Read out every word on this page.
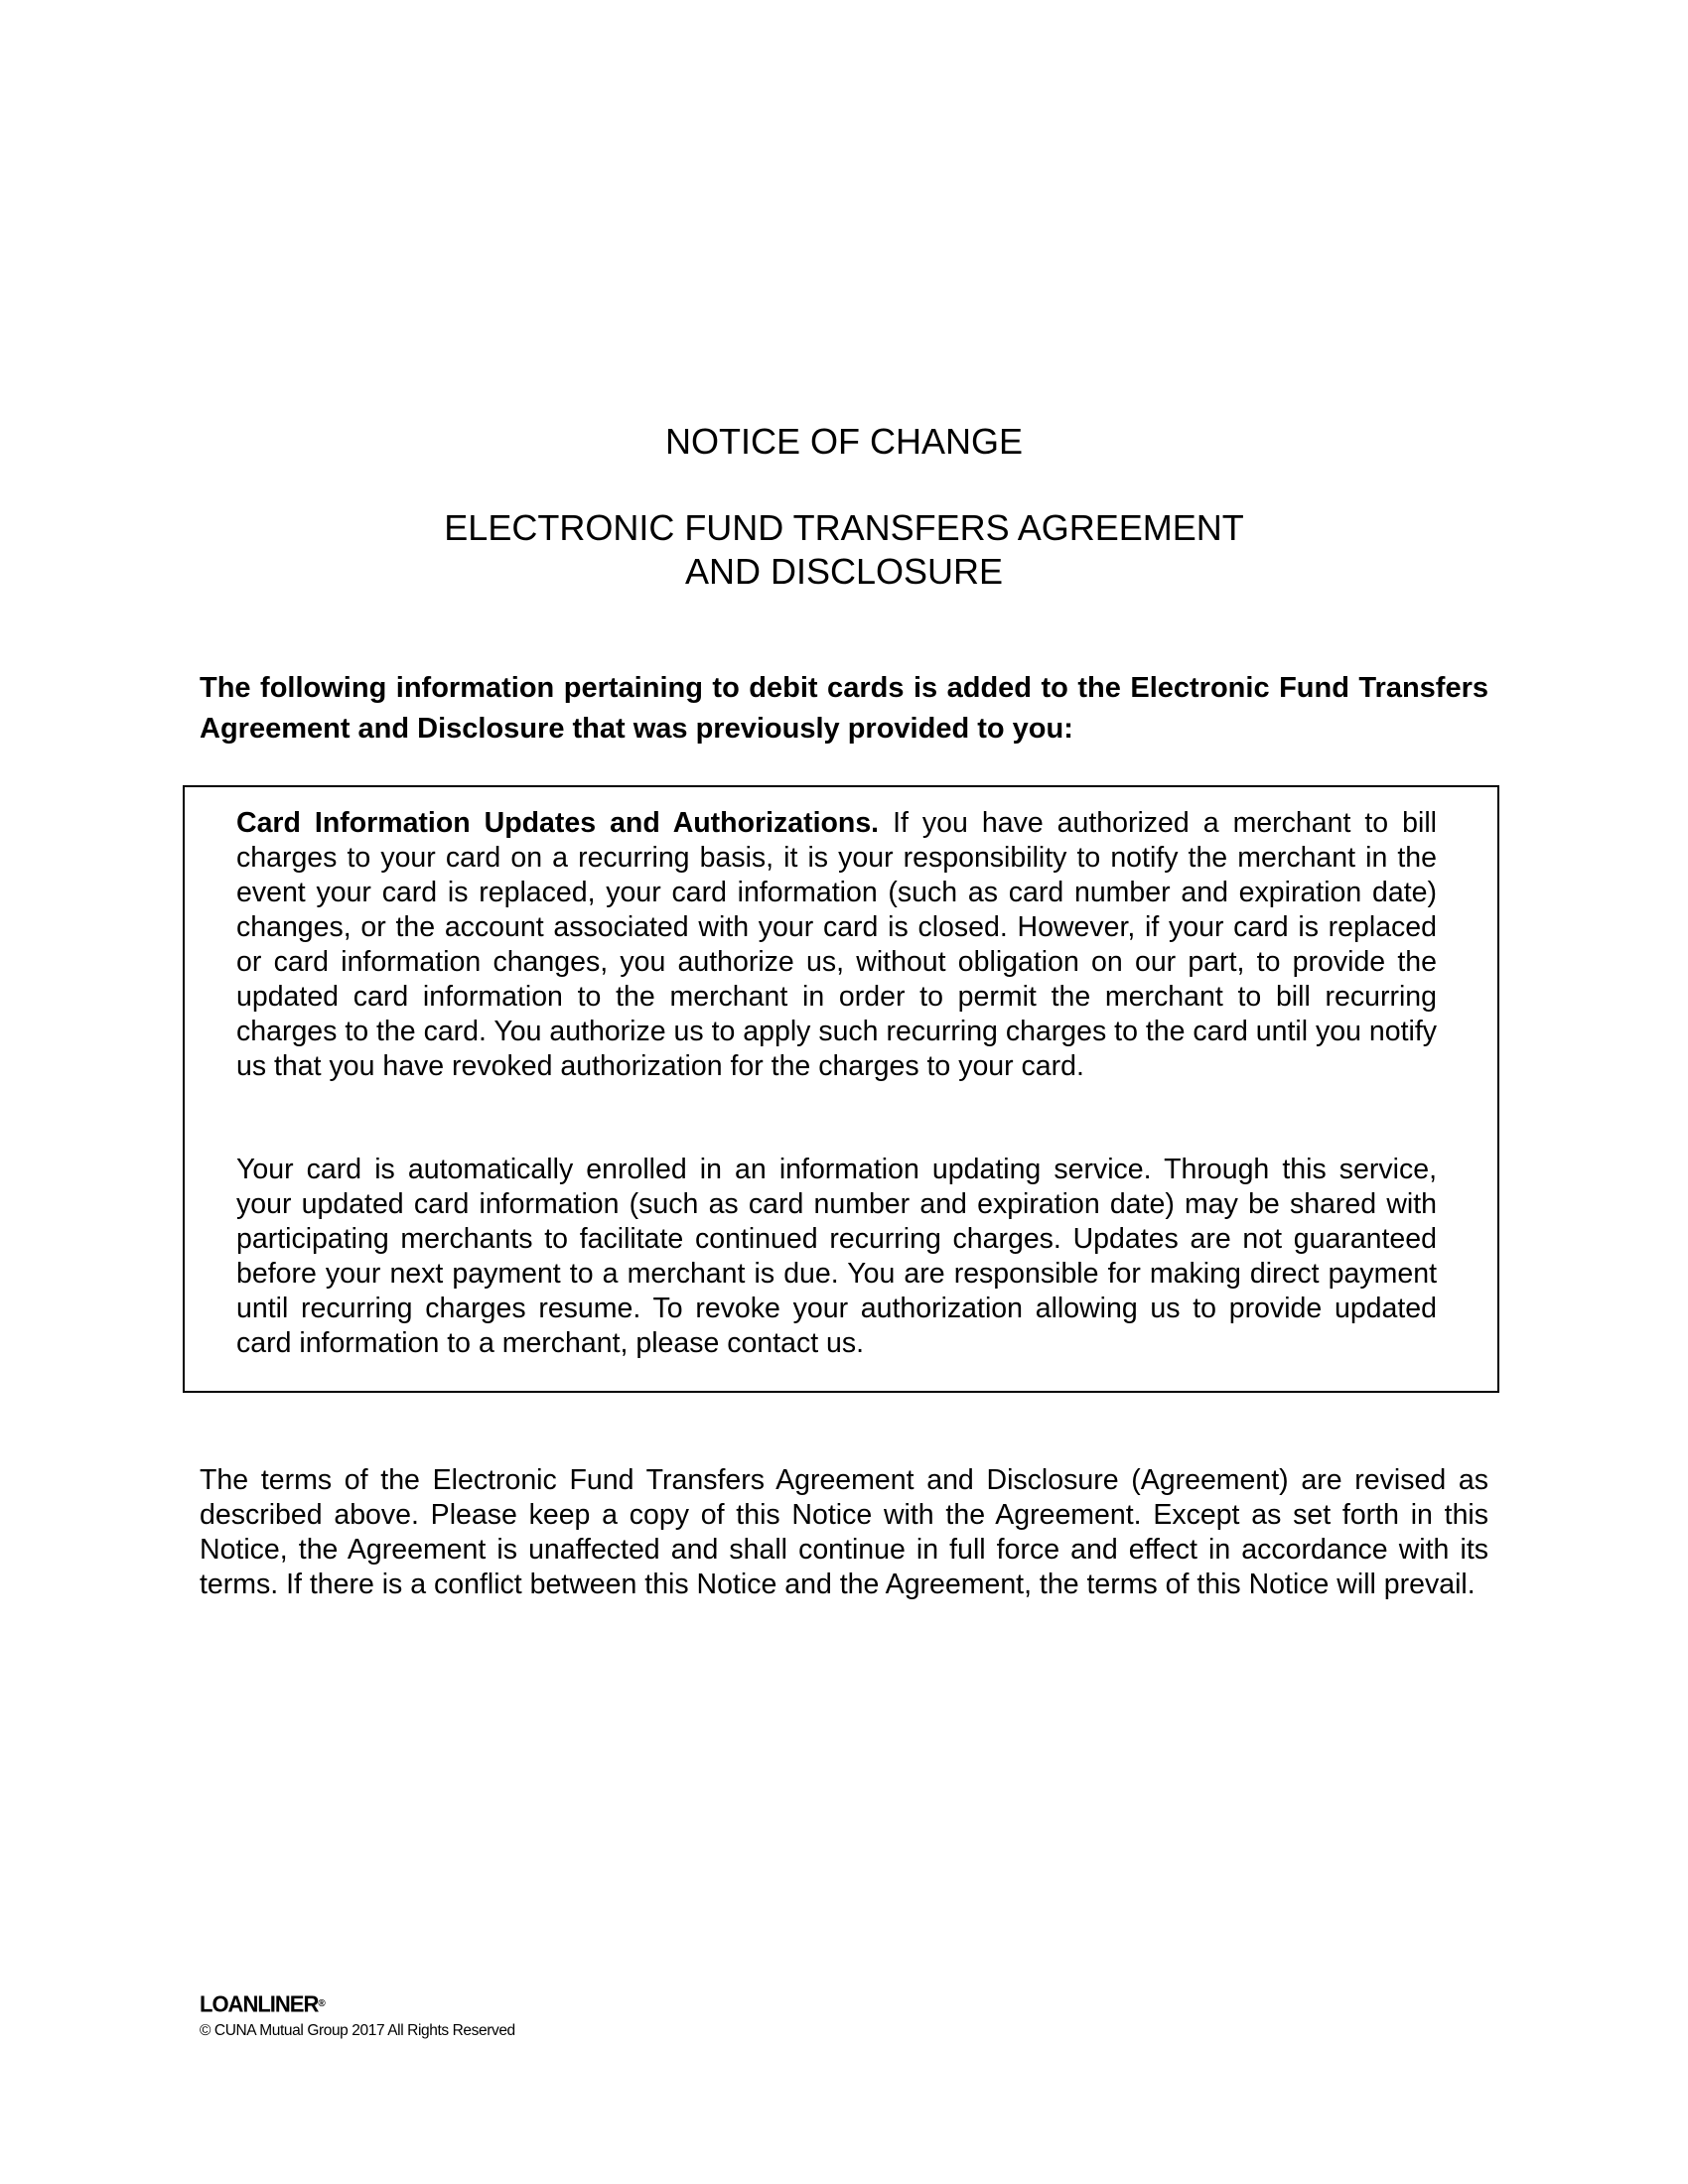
NOTICE OF CHANGE
ELECTRONIC FUND TRANSFERS AGREEMENT
AND DISCLOSURE

The following information pertaining to debit cards is added to the Electronic Fund Transfers Agreement and Disclosure that was previously provided to you:

Card Information Updates and Authorizations. If you have authorized a merchant to bill charges to your card on a recurring basis, it is your responsibility to notify the merchant in the event your card is replaced, your card information (such as card number and expiration date) changes, or the account associated with your card is closed. However, if your card is replaced or card information changes, you authorize us, without obligation on our part, to provide the updated card information to the merchant in order to permit the merchant to bill recurring charges to the card. You authorize us to apply such recurring charges to the card until you notify us that you have revoked authorization for the charges to your card.

Your card is automatically enrolled in an information updating service. Through this service, your updated card information (such as card number and expiration date) may be shared with participating merchants to facilitate continued recurring charges. Updates are not guaranteed before your next payment to a merchant is due. You are responsible for making direct payment until recurring charges resume. To revoke your authorization allowing us to provide updated card information to a merchant, please contact us.

The terms of the Electronic Fund Transfers Agreement and Disclosure (Agreement) are revised as described above. Please keep a copy of this Notice with the Agreement. Except as set forth in this Notice, the Agreement is unaffected and shall continue in full force and effect in accordance with its terms. If there is a conflict between this Notice and the Agreement, the terms of this Notice will prevail.

LOANLINER®
© CUNA Mutual Group 2017 All Rights Reserved
